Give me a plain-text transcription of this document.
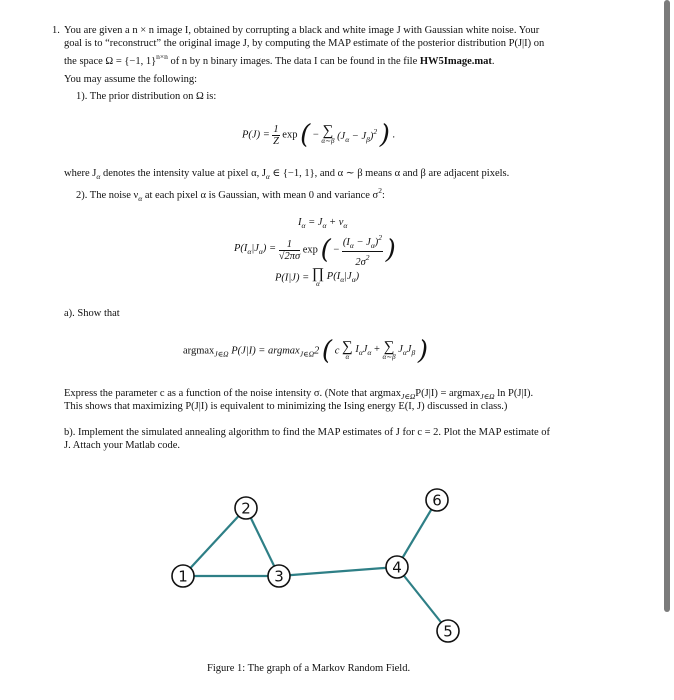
1. You are given a n × n image I, obtained by corrupting a black and white image J with Gaussian white noise. Your
goal is to “reconstruct” the original image J, by computing the MAP estimate of the posterior distribution P(J|I) on
the space Ω = {−1, 1}$^{n\times n}$ of n by n binary images. The data I can be found in the file HW5Image.mat.
You may assume the following:
1). The prior distribution on Ω is:
$P(J) = \frac{1}{Z}$ exp ( − ∑
α∼β $(J_\alpha - J_\beta)^2$ ) .
where $J_\alpha$ denotes the intensity value at pixel α, $J_\alpha$ ∈ {−1, 1}, and α ∼ β means α and β are adjacent pixels.
2). The noise $\nu_\alpha$ at each pixel α is Gaussian, with mean 0 and variance $\sigma^2$:
$I_\alpha = J_\alpha + \nu_\alpha$
$P(I_\alpha|J_\alpha) = \frac{1}{√2\pi\sigma}$ exp ( − $\frac{(I_\alpha - J_\alpha)^2}{2\sigma^2}$ )
P(I|J) = ∏
α
$P(I_\alpha|J_\alpha)$
a). Show that
argmax$_{J\in\Omega}$ P(J|I) = argmax$_{J\in\Omega}$2 ( c ∑
α
$I_\alpha J_\alpha$ + ∑
α∼β
$J_\alpha J_\beta$ )
Express the parameter c as a function of the noise intensity σ. (Note that argmax$_{J\in\Omega}$P(J|I) = argmax$_{J\in\Omega}$ ln P(J|I).
This shows that maximizing P(J|I) is equivalent to minimizing the Ising energy E(I, J) discussed in class.)
b). Implement the simulated annealing algorithm to find the MAP estimates of J for c = 2. Plot the MAP estimate of
J. Attach your Matlab code.
1
2
3	4
5
6
Figure 1: The graph of a Markov Random Field.
